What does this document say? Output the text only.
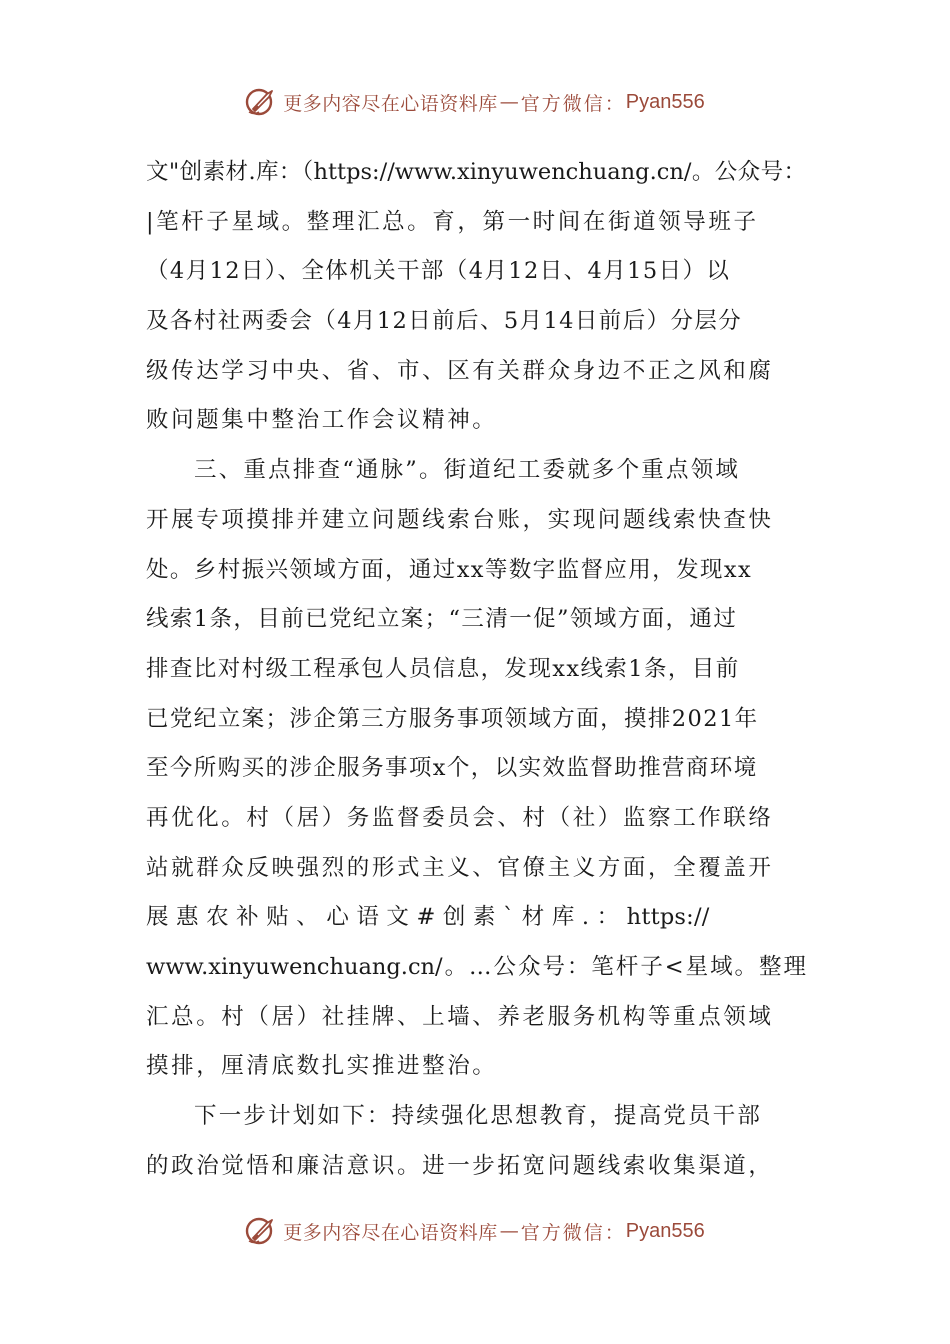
更多内容尽在心语资料库 — 官方微信： Pyan556
文"创素材.库：（https://www.xinyuwenchuang.cn/。公众号：
|笔杆子星域。整理汇总。育，第一时间在街道领导班子
（4月12日）、全体机关干部（4月12日、4月15日）以
及各村社两委会（4月12日前后、5月14日前后）分层分
级传达学习中央、省、市、区有关群众身边不正之风和腐
败问题集中整治工作会议精神。
三、重点排查“通脉”。街道纪工委就多个重点领域
开展专项摸排并建立问题线索台账，实现问题线索快查快
处。乡村振兴领域方面，通过xx等数字监督应用，发现xx
线索1条，目前已党纪立案；“三清一促”领域方面，通过
排查比对村级工程承包人员信息，发现xx线索1条，目前
已党纪立案；涉企第三方服务事项领域方面，摸排2021年
至今所购买的涉企服务事项x个，以实效监督助推营商环境
再优化。村（居）务监督委员会、村（社）监察工作联络
站就群众反映强烈的形式主义、官僚主义方面，全覆盖开
展 惠 农 补 贴 、 心 语 文 # 创 素 ` 材 库 . ： https://
www.xinyuwenchuang.cn/。…公众号：笔杆子<星域。整理
汇总。村（居）社挂牌、上墙、养老服务机构等重点领域
摸排，厘清底数扎实推进整治。
下一步计划如下：持续强化思想教育，提高党员干部
的政治觉悟和廉洁意识。进一步拓宽问题线索收集渠道，
更多内容尽在心语资料库 — 官方微信： Pyan556
